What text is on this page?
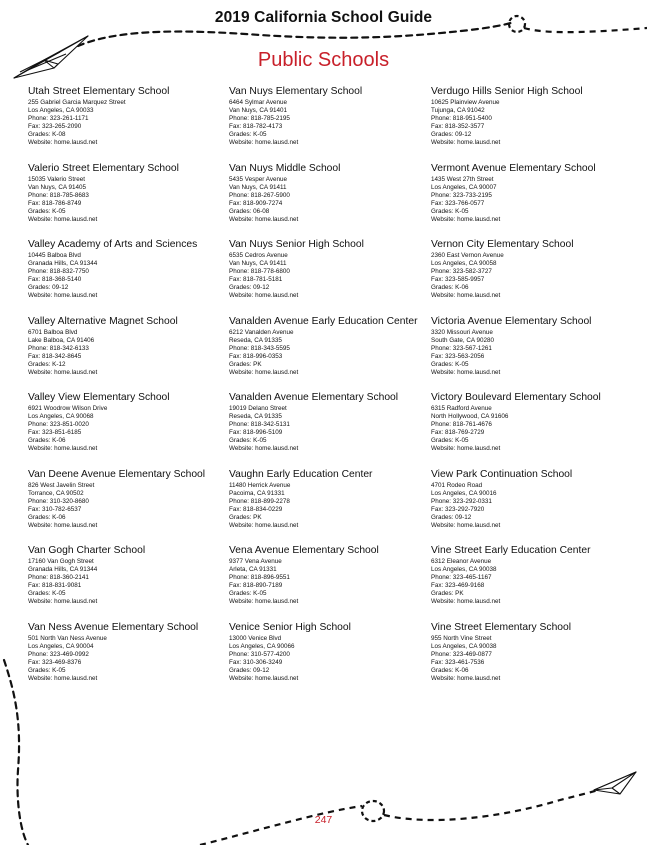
2019 California School Guide
Public Schools
Utah Street Elementary School
255 Gabriel Garcia Marquez Street
Los Angeles, CA 90033
Phone: 323-261-1171
Fax: 323-265-2090
Grades: K-08
Website: home.lausd.net
Valerio Street Elementary School
15035 Valerio Street
Van Nuys, CA 91405
Phone: 818-785-8683
Fax: 818-786-8749
Grades: K-05
Website: home.lausd.net
Valley Academy of Arts and Sciences
10445 Balboa Blvd
Granada Hills, CA 91344
Phone: 818-832-7750
Fax: 818-368-5140
Grades: 09-12
Website: home.lausd.net
Valley Alternative Magnet School
6701 Balboa Blvd
Lake Balboa, CA 91406
Phone: 818-342-6133
Fax: 818-342-8645
Grades: K-12
Website: home.lausd.net
Valley View Elementary School
6921 Woodrow Wilson Drive
Los Angeles, CA 90068
Phone: 323-851-0020
Fax: 323-851-6185
Grades: K-06
Website: home.lausd.net
Van Deene Avenue Elementary School
826 West Javelin Street
Torrance, CA 90502
Phone: 310-320-8680
Fax: 310-782-6537
Grades: K-06
Website: home.lausd.net
Van Gogh Charter School
17160 Van Gogh Street
Granada Hills, CA 91344
Phone: 818-360-2141
Fax: 818-831-9081
Grades: K-05
Website: home.lausd.net
Van Ness Avenue Elementary School
501 North Van Ness Avenue
Los Angeles, CA 90004
Phone: 323-469-0992
Fax: 323-469-8376
Grades: K-05
Website: home.lausd.net
Van Nuys Elementary School
6464 Sylmar Avenue
Van Nuys, CA 91401
Phone: 818-785-2195
Fax: 818-782-4173
Grades: K-05
Website: home.lausd.net
Van Nuys Middle School
5435 Vesper Avenue
Van Nuys, CA 91411
Phone: 818-267-5900
Fax: 818-909-7274
Grades: 06-08
Website: home.lausd.net
Van Nuys Senior High School
6535 Cedros Avenue
Van Nuys, CA 91411
Phone: 818-778-6800
Fax: 818-781-5181
Grades: 09-12
Website: home.lausd.net
Vanalden Avenue Early Education Center
6212 Vanalden Avenue
Reseda, CA 91335
Phone: 818-343-5595
Fax: 818-996-0353
Grades: PK
Website: home.lausd.net
Vanalden Avenue Elementary School
19019 Delano Street
Reseda, CA 91335
Phone: 818-342-5131
Fax: 818-996-5109
Grades: K-05
Website: home.lausd.net
Vaughn Early Education Center
11480 Herrick Avenue
Pacoima, CA 91331
Phone: 818-899-2278
Fax: 818-834-0229
Grades: PK
Website: home.lausd.net
Vena Avenue Elementary School
9377 Vena Avenue
Arleta, CA 91331
Phone: 818-896-9551
Fax: 818-890-7189
Grades: K-05
Website: home.lausd.net
Venice Senior High School
13000 Venice Blvd
Los Angeles, CA 90066
Phone: 310-577-4200
Fax: 310-306-3249
Grades: 09-12
Website: home.lausd.net
Verdugo Hills Senior High School
10625 Plainview Avenue
Tujunga, CA 91042
Phone: 818-951-5400
Fax: 818-352-3577
Grades: 09-12
Website: home.lausd.net
Vermont Avenue Elementary School
1435 West 27th Street
Los Angeles, CA 90007
Phone: 323-733-2195
Fax: 323-766-0577
Grades: K-05
Website: home.lausd.net
Vernon City Elementary School
2360 East Vernon Avenue
Los Angeles, CA 90058
Phone: 323-582-3727
Fax: 323-585-9957
Grades: K-06
Website: home.lausd.net
Victoria Avenue Elementary School
3320 Missouri Avenue
South Gate, CA 90280
Phone: 323-567-1261
Fax: 323-563-2056
Grades: K-05
Website: home.lausd.net
Victory Boulevard Elementary School
6315 Radford Avenue
North Hollywood, CA 91606
Phone: 818-761-4676
Fax: 818-769-2729
Grades: K-05
Website: home.lausd.net
View Park Continuation School
4701 Rodeo Road
Los Angeles, CA 90016
Phone: 323-292-0331
Fax: 323-292-7920
Grades: 09-12
Website: home.lausd.net
Vine Street Early Education Center
6312 Eleanor Avenue
Los Angeles, CA 90038
Phone: 323-465-1167
Fax: 323-469-9168
Grades: PK
Website: home.lausd.net
Vine Street Elementary School
955 North Vine Street
Los Angeles, CA 90038
Phone: 323-469-0877
Fax: 323-461-7536
Grades: K-06
Website: home.lausd.net
247
